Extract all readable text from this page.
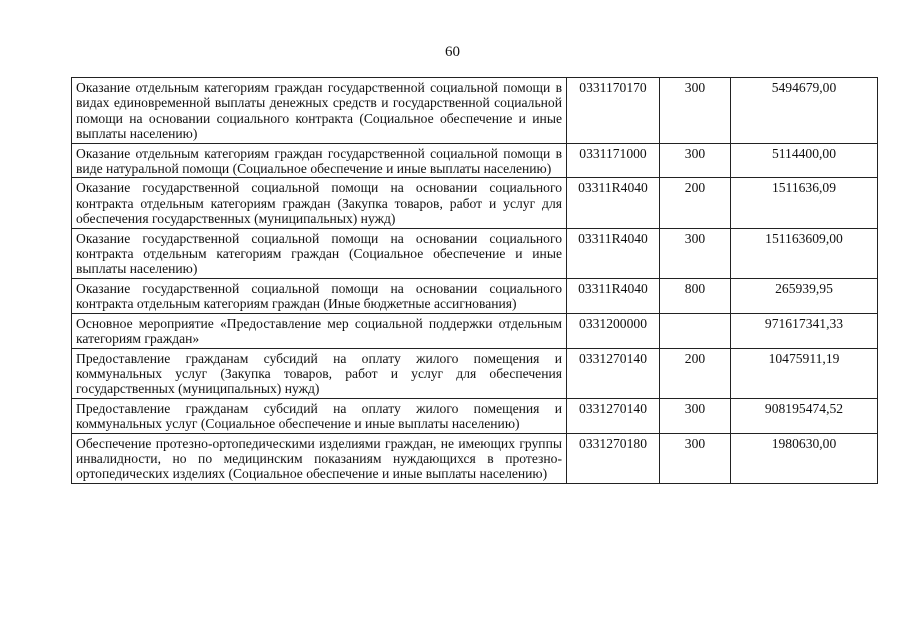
60
Оказание отдельным категориям граждан государственной социальной помощи в видах единовременной выплаты денежных средств и государственной социальной помощи на основании социального контракта (Социальное обеспечение и иные выплаты населению)	0331170170	300	5494679,00
Оказание отдельным категориям граждан государственной социальной помощи в виде натуральной помощи (Социальное обеспечение и иные выплаты населению)	0331171000	300	5114400,00
Оказание государственной социальной помощи на основании социального контракта отдельным категориям граждан (Закупка товаров, работ и услуг для обеспечения государственных (муниципальных) нужд)	03311R4040	200	1511636,09
Оказание государственной социальной помощи на основании социального контракта отдельным категориям граждан (Социальное обеспечение и иные выплаты населению)	03311R4040	300	151163609,00
Оказание государственной социальной помощи на основании социального контракта отдельным категориям граждан (Иные бюджетные ассигнования)	03311R4040	800	265939,95
Основное мероприятие «Предоставление мер социальной поддержки отдельным категориям граждан»	0331200000		971617341,33
Предоставление гражданам субсидий на оплату жилого помещения и коммунальных услуг (Закупка товаров, работ и услуг для обеспечения государственных (муниципальных) нужд)	0331270140	200	10475911,19
Предоставление гражданам субсидий на оплату жилого помещения и коммунальных услуг (Социальное обеспечение и иные выплаты населению)	0331270140	300	908195474,52
Обеспечение протезно-ортопедическими изделиями граждан, не имеющих группы инвалидности, но по медицинским показаниям нуждающихся в протезно-ортопедических изделиях (Социальное обеспечение и иные выплаты населению)	0331270180	300	1980630,00
